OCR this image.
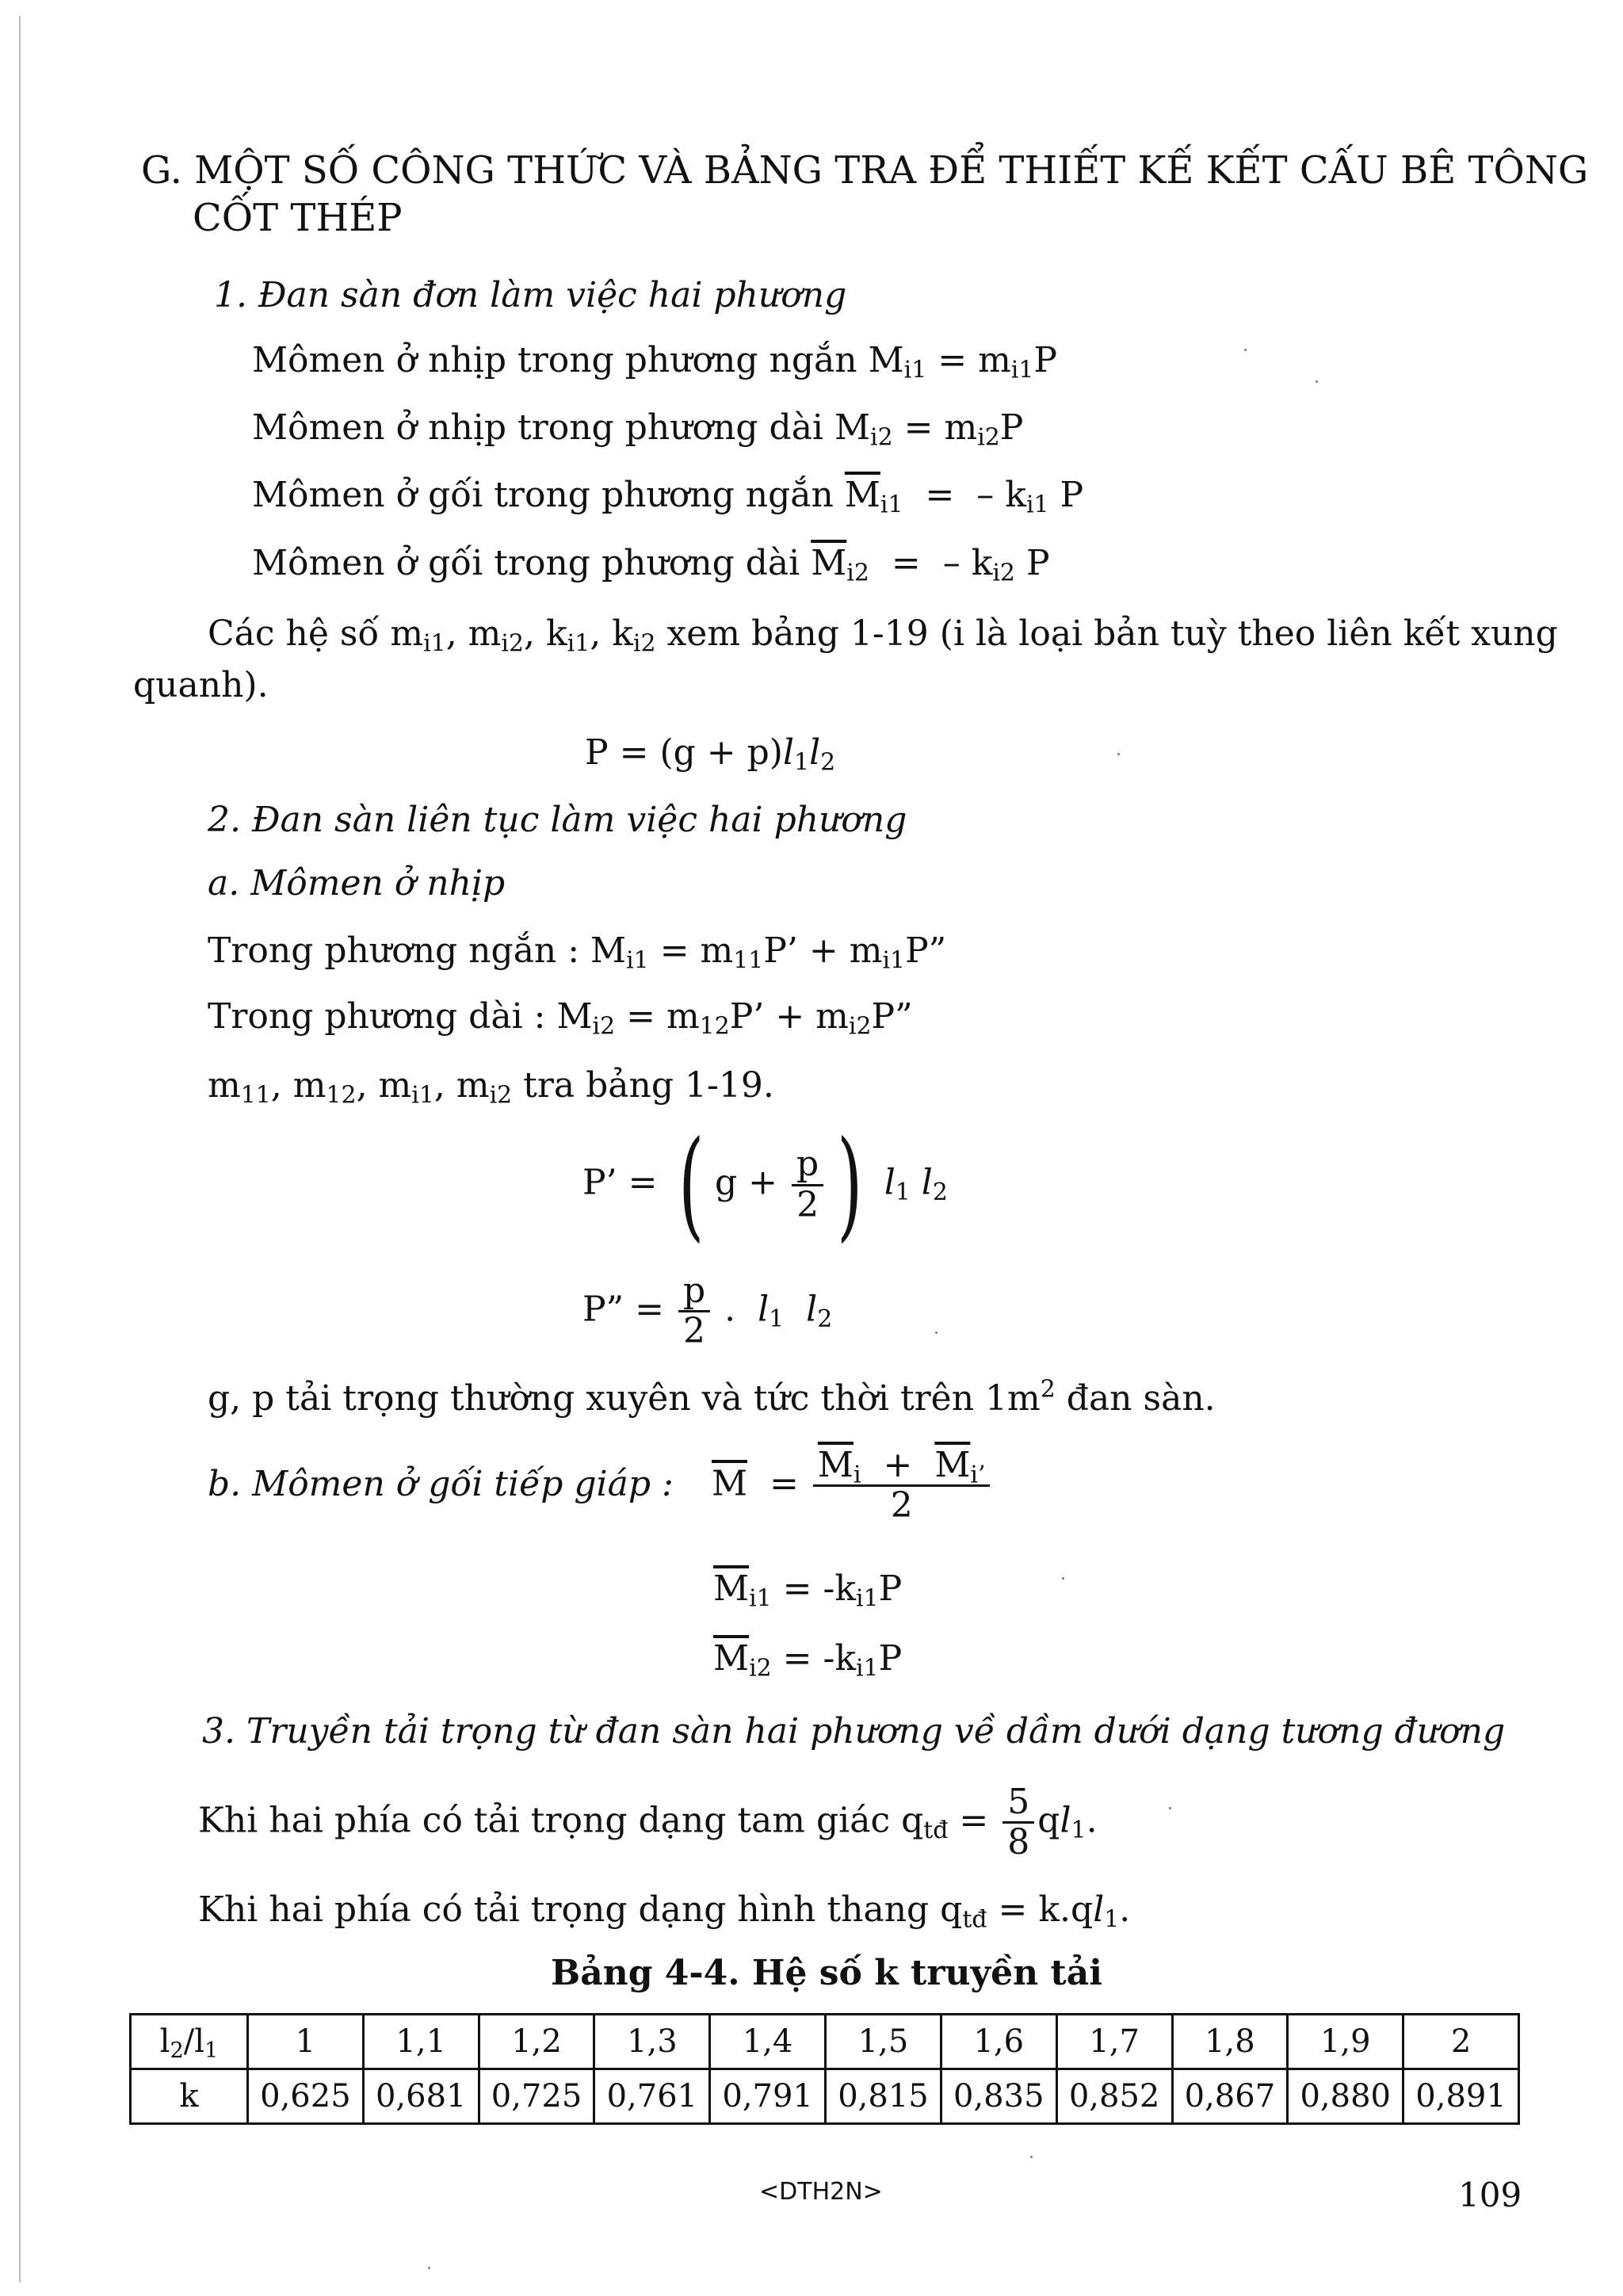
G. MỘT SỐ CÔNG THỨC VÀ BẢNG TRA ĐỂ THIẾT KẾ KẾT CẤU BÊ TÔNG
CỐT THÉP
1. Đan sàn đơn làm việc hai phương
Mômen ở nhịp trong phương ngắn $M_{i1} = m_{i1}P$
Mômen ở nhịp trong phương dài $M_{i2} = m_{i2}P$
Mômen ở gối trong phương ngắn $\overline{M}_{i1}$  =  – $k_{i1}$ P
Mômen ở gối trong phương dài $\overline{M}_{i2}$  =  – $k_{i2}$ P
Các hệ số $m_{i1}$, $m_{i2}$, $k_{i1}$, $k_{i2}$ xem bảng 1-19 (i là loại bản tuỳ theo liên kết xung
quanh).
$P = (g + p)l_1l_2$
2. Đan sàn liên tục làm việc hai phương
a. Mômen ở nhịp
Trong phương ngắn : $M_{i1} = m_{11}P$’ + $m_{i1}P$”
Trong phương dài : $M_{i2} = m_{12}P$’ + $m_{i2}P$”
$m_{11}$, $m_{12}$, $m_{i1}$, $m_{i2}$ tra bảng 1-19.
P’ = ( $g + \frac{p}{2}$ ) $l_1$ $l_2$
P” = $\frac{p}{2}$ .  $l_1$ $l_2$
g, p tải trọng thường xuyên và tức thời trên $1m^2$ đan sàn.
b. Mômen ở gối tiếp giáp : $\overline{M} = \frac{\overline{M}_i + \overline{M}_{i’}}{2}$
$\overline{M}_{i1} = -k_{i1}P$
$\overline{M}_{i2} = -k_{i1}P$
3. Truyền tải trọng từ đan sàn hai phương về dầm dưới dạng tương đương
Khi hai phía có tải trọng dạng tam giác $q_{tđ} = \frac{5}{8} ql_1$.
Khi hai phía có tải trọng dạng hình thang $q_{tđ} = k.ql_1$.
Bảng 4-4. Hệ số k truyền tải
$l_2/l_1$	1	1,1	1,2	1,3	1,4	1,5	1,6	1,7	1,8	1,9	2
k	0,625	0,681	0,725	0,761	0,791	0,815	0,835	0,852	0,867	0,880	0,891
<DTH2N>	109
